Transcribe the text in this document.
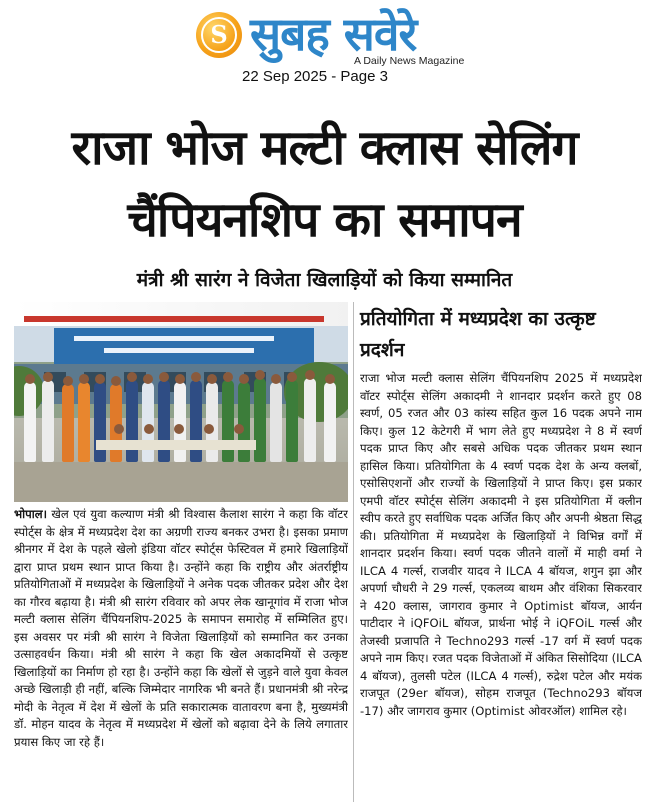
S सुबह सवेरे
A Daily News Magazine
22 Sep 2025 - Page 3
राजा भोज मल्टी क्लास सेलिंग
चैंपियनशिप का समापन
मंत्री श्री सारंग ने विजेता खिलाड़ियों को किया सम्मानित
भोपाल। खेल एवं युवा कल्याण मंत्री श्री विश्वास कैलाश सारंग ने कहा कि वॉटर स्पोर्ट्स के क्षेत्र में मध्यप्रदेश देश का अग्रणी राज्य बनकर उभरा है। इसका प्रमाण श्रीनगर में देश के पहले खेलो इंडिया वॉटर स्पोर्ट्स फेस्टिवल में हमारे खिलाड़ियों द्वारा प्राप्त प्रथम स्थान प्राप्त किया है। उन्होंने कहा कि राष्ट्रीय और अंतर्राष्ट्रीय प्रतियोगिताओं में मध्यप्रदेश के खिलाड़ियों ने अनेक पदक जीतकर प्रदेश और देश का गौरव बढ़ाया है। मंत्री श्री सारंग रविवार को अपर लेक खानूगांव में राजा भोज मल्टी क्लास सेलिंग चैंपियनशिप-2025 के समापन समारोह में सम्मिलित हुए। इस अवसर पर मंत्री श्री सारंग ने विजेता खिलाड़ियों को सम्मानित कर उनका उत्साहवर्धन किया। मंत्री श्री सारंग ने कहा कि खेल अकादमियों से उत्कृष्ट खिलाड़ियों का निर्माण हो रहा है। उन्होंने कहा कि खेलों से जुड़ने वाले युवा केवल अच्छे खिलाड़ी ही नहीं, बल्कि जिम्मेदार नागरिक भी बनते हैं। प्रधानमंत्री श्री नरेन्द्र मोदी के नेतृत्व में देश में खेलों के प्रति सकारात्मक वातावरण बना है, मुख्यमंत्री डॉ. मोहन यादव के नेतृत्व में मध्यप्रदेश में खेलों को बढ़ावा देने के लिये लगातार प्रयास किए जा रहे हैं।
प्रतियोगिता में मध्यप्रदेश का उत्कृष्ट प्रदर्शन
राजा भोज मल्टी क्लास सेलिंग चैंपियनशिप 2025 में मध्यप्रदेश वॉटर स्पोर्ट्स सेलिंग अकादमी ने शानदार प्रदर्शन करते हुए 08 स्वर्ण, 05 रजत और 03 कांस्य सहित कुल 16 पदक अपने नाम किए। कुल 12 केटेगरी में भाग लेते हुए मध्यप्रदेश ने 8 में स्वर्ण पदक प्राप्त किए और सबसे अधिक पदक जीतकर प्रथम स्थान हासिल किया। प्रतियोगिता के 4 स्वर्ण पदक देश के अन्य क्लबों, एसोसिएशनों और राज्यों के खिलाड़ियों ने प्राप्त किए। इस प्रकार एमपी वॉटर स्पोर्ट्स सेलिंग अकादमी ने इस प्रतियोगिता में क्लीन स्वीप करते हुए सर्वाधिक पदक अर्जित किए और अपनी श्रेष्ठता सिद्ध की। प्रतियोगिता में मध्यप्रदेश के खिलाड़ियों ने विभिन्न वर्गों में शानदार प्रदर्शन किया। स्वर्ण पदक जीतने वालों में माही वर्मा ने ILCA 4 गर्ल्स, राजवीर यादव ने ILCA 4 बॉयज, शगुन झा और अपर्णा चौधरी ने 29 गर्ल्स, एकलव्य बाथम और वंशिका सिकरवार ने 420 क्लास, जागराव कुमार ने Optimist बॉयज, आर्यन पाटीदार ने iQFOiL बॉयज, प्रार्थना भोई ने iQFOiL गर्ल्स और तेजस्वी प्रजापति ने Techno293 गर्ल्स -17 वर्ग में स्वर्ण पदक अपने नाम किए। रजत पदक विजेताओं में अंकित सिसोदिया (ILCA 4 बॉयज), तुलसी पटेल (ILCA 4 गर्ल्स), रुद्रेश पटेल और मयंक राजपूत (29er बॉयज), सोहम राजपूत (Techno293 बॉयज -17) और जागराव कुमार (Optimist ओवरऑल) शामिल रहे।
